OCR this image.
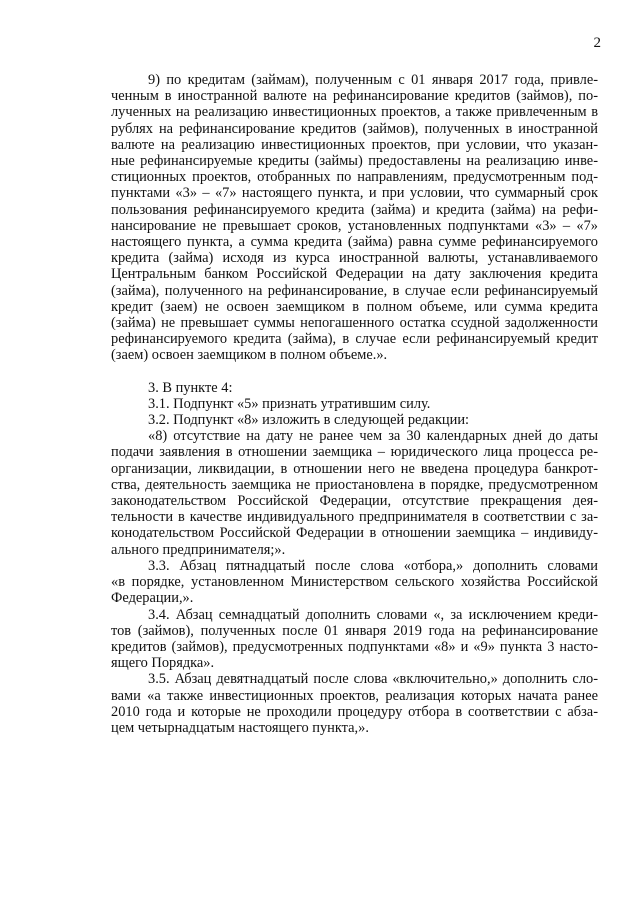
2

9) по кредитам (займам), полученным с 01 января 2017 года, привле-
ченным в иностранной валюте на рефинансирование кредитов (займов), по-
лученных на реализацию инвестиционных проектов, а также привлеченным в
рублях на рефинансирование кредитов (займов), полученных в иностранной
валюте на реализацию инвестиционных проектов, при условии, что указан-
ные рефинансируемые кредиты (займы) предоставлены на реализацию инве-
стиционных проектов, отобранных по направлениям, предусмотренным под-
пунктами «3» – «7» настоящего пункта, и при условии, что суммарный срок
пользования рефинансируемого кредита (займа) и кредита (займа) на рефи-
нансирование не превышает сроков, установленных подпунктами «3» – «7»
настоящего пункта, а сумма кредита (займа) равна сумме рефинансируемого
кредита (займа) исходя из курса иностранной валюты, устанавливаемого
Центральным банком Российской Федерации на дату заключения кредита
(займа), полученного на рефинансирование, в случае если рефинансируемый
кредит (заем) не освоен заемщиком в полном объеме, или сумма кредита
(займа) не превышает суммы непогашенного остатка ссудной задолженности
рефинансируемого кредита (займа), в случае если рефинансируемый кредит
(заем) освоен заемщиком в полном объеме.».

3. В пункте 4:

3.1. Подпункт «5» признать утратившим силу.

3.2. Подпункт «8» изложить в следующей редакции:

«8) отсутствие на дату не ранее чем за 30 календарных дней до даты
подачи заявления в отношении заемщика – юридического лица процесса ре-
организации, ликвидации, в отношении него не введена процедура банкрот-
ства, деятельность заемщика не приостановлена в порядке, предусмотренном
законодательством Российской Федерации, отсутствие прекращения дея-
тельности в качестве индивидуального предпринимателя в соответствии с за-
конодательством Российской Федерации в отношении заемщика – индивиду-
ального предпринимателя;».

3.3. Абзац пятнадцатый после слова «отбора,» дополнить словами
«в порядке, установленном Министерством сельского хозяйства Российской
Федерации,».

3.4. Абзац семнадцатый дополнить словами «, за исключением креди-
тов (займов), полученных после 01 января 2019 года на рефинансирование
кредитов (займов), предусмотренных подпунктами «8» и «9» пункта 3 насто-
ящего Порядка».

3.5. Абзац девятнадцатый после слова «включительно,» дополнить сло-
вами «а также инвестиционных проектов, реализация которых начата ранее
2010 года и которые не проходили процедуру отбора в соответствии с абза-
цем четырнадцатым настоящего пункта,».
